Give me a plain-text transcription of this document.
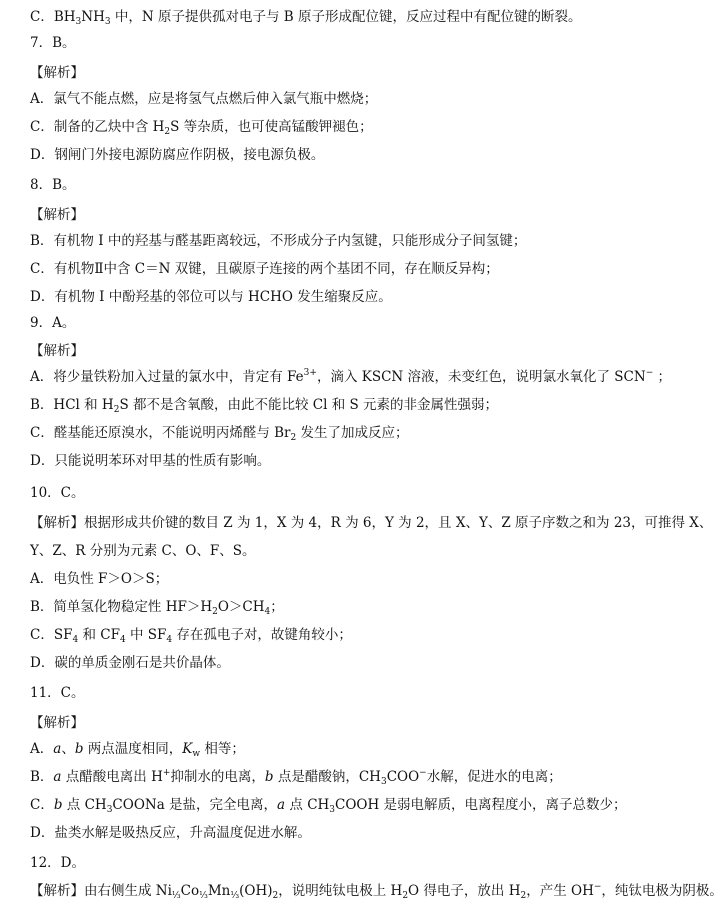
C．$BH_3NH_3$ 中，N 原子提供孤对电子与 B 原子形成配位键，反应过程中有配位键的断裂。
7．B。
【解析】
A．氯气不能点燃，应是将氢气点燃后伸入氯气瓶中燃烧；
C．制备的乙炔中含 $H_2S$ 等杂质，也可使高锰酸钾褪色；
D．钢闸门外接电源防腐应作阴极，接电源负极。
8．B。
【解析】
B．有机物 I 中的羟基与醛基距离较远，不形成分子内氢键，只能形成分子间氢键；
C．有机物Ⅱ中含 C＝N 双键，且碳原子连接的两个基团不同，存在顺反异构；
D．有机物 I 中酚羟基的邻位可以与 HCHO 发生缩聚反应。
9．A。
【解析】
A．将少量铁粉加入过量的氯水中，肯定有 $Fe^{3+}$，滴入 KSCN 溶液，未变红色，说明氯水氧化了 SCN− ；
B．HCl 和 $H_2S$ 都不是含氧酸，由此不能比较 Cl 和 S 元素的非金属性强弱；
C．醛基能还原溴水，不能说明丙烯醛与 $Br_2$ 发生了加成反应；
D．只能说明苯环对甲基的性质有影响。
10．C。
【解析】根据形成共价键的数目 Z 为 1，X 为 4，R 为 6，Y 为 2，且 X、Y、Z 原子序数之和为 23，可推得 X、
Y、Z、R 分别为元素 C、O、F、S。
A．电负性 F＞O＞S；
B．简单氢化物稳定性 $HF>H_2O>CH_4$；
C．$SF_4$ 和 $CF_4$ 中 $SF_4$ 存在孤电子对，故键角较小；
D．碳的单质金刚石是共价晶体。
11．C。
【解析】
A．a、b 两点温度相同，$K_w$ 相等；
B．a 点醋酸电离出 H+抑制水的电离，b 点是醋酸钠，$CH_3COO^-$水解，促进水的电离；
C．b 点 $CH_3COONa$ 是盐，完全电离，a 点 $CH_3COOH$ 是弱电解质，电离程度小，离子总数少；
D．盐类水解是吸热反应，升高温度促进水解。
12．D。
【解析】由右侧生成 $Ni_{\frac{1}{3}}Co_{\frac{1}{3}}Mn_{\frac{1}{3}}(OH)_2$，说明纯钛电极上 $H_2O$ 得电子，放出 $H_2$，产生 OH−，纯钛电极为阴极。
